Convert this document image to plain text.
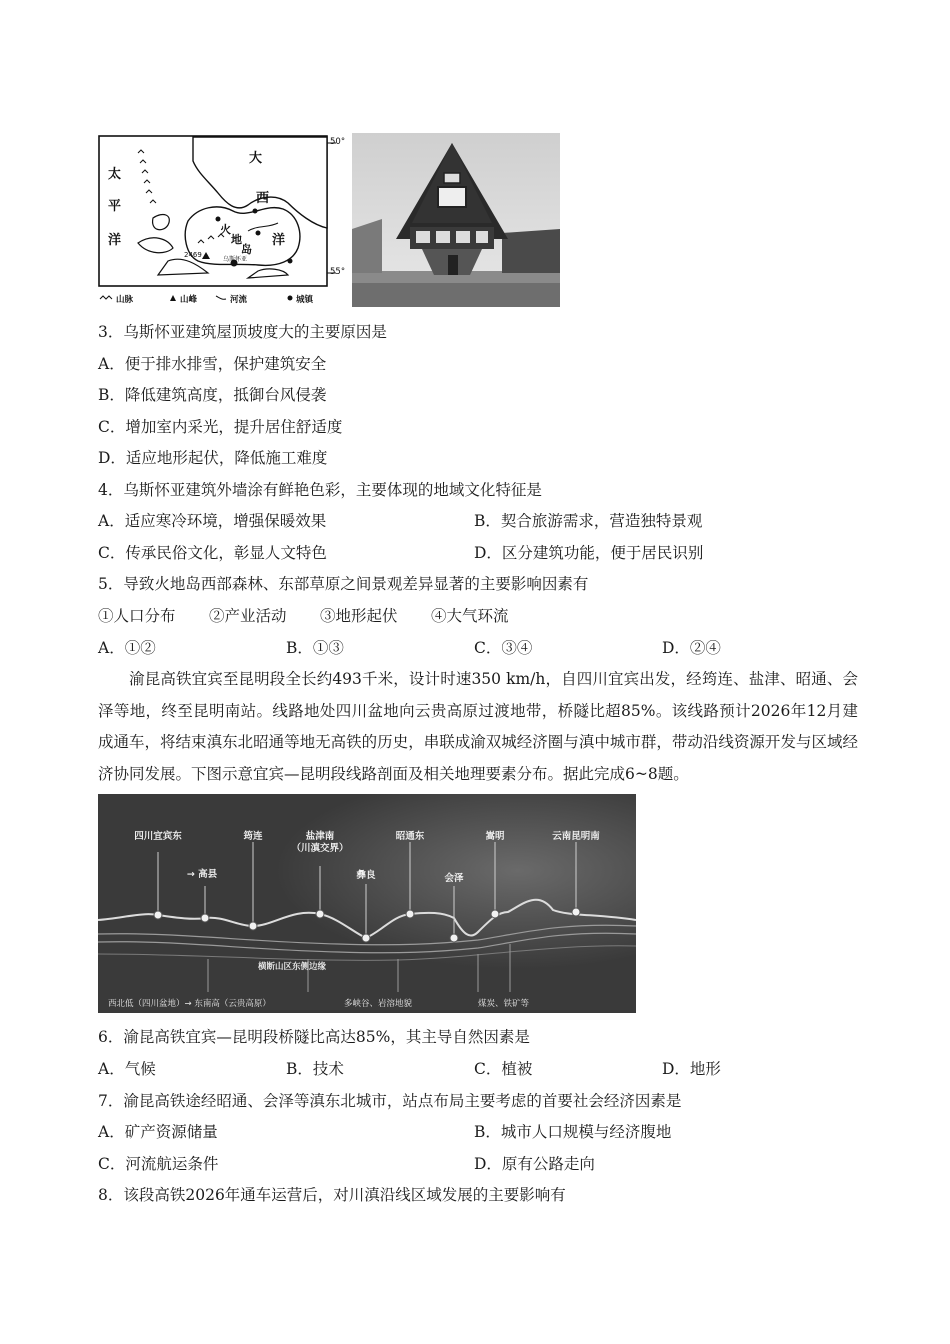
太
平
洋
大
西
洋
火
地
岛
50°
55°
2469
乌斯怀亚
山脉	山峰	河流	城镇
3．乌斯怀亚建筑屋顶坡度大的主要原因是
A．便于排水排雪，保护建筑安全
B．降低建筑高度，抵御台风侵袭
C．增加室内采光，提升居住舒适度
D．适应地形起伏，降低施工难度
4．乌斯怀亚建筑外墙涂有鲜艳色彩，主要体现的地域文化特征是
A．适应寒冷环境，增强保暖效果	B．契合旅游需求，营造独特景观
C．传承民俗文化，彰显人文特色	D．区分建筑功能，便于居民识别
5．导致火地岛西部森林、东部草原之间景观差异显著的主要影响因素有
①人口分布 ②产业活动 ③地形起伏 ④大气环流
A．①②	B．①③	C．③④	D．②④
渝昆高铁宜宾至昆明段全长约493千米，设计时速350 km/h，自四川宜宾出发，经筠连、盐津、昭通、会泽等地，终至昆明南站。线路地处四川盆地向云贵高原过渡地带，桥隧比超85%。该线路预计2026年12月建成通车，将结束滇东北昭通等地无高铁的历史，串联成渝双城经济圈与滇中城市群，带动沿线资源开发与区域经济协同发展。下图示意宜宾—昆明段线路剖面及相关地理要素分布。据此完成6~8题。
四川宜宾东
→ 高县
筠连	盐津南
（川滇交界）
彝良
昭通东
会泽
嵩明	云南昆明南
横断山区东侧边缘
西北低（四川盆地）→ 东南高（云贵高原）	多峡谷、岩溶地貌	煤炭、铁矿等
6．渝昆高铁宜宾—昆明段桥隧比高达85%，其主导自然因素是
A．气候	B．技术	C．植被	D．地形
7．渝昆高铁途经昭通、会泽等滇东北城市，站点布局主要考虑的首要社会经济因素是
A．矿产资源储量	B．城市人口规模与经济腹地
C．河流航运条件	D．原有公路走向
8．该段高铁2026年通车运营后，对川滇沿线区域发展的主要影响有
